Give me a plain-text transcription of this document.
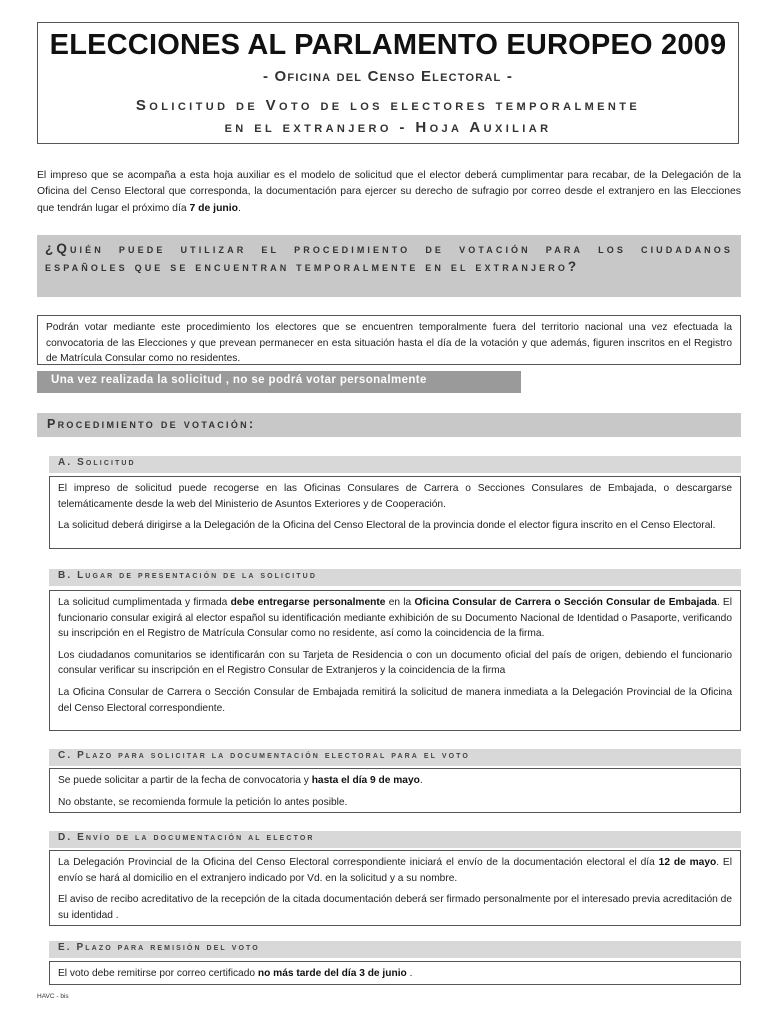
ELECCIONES AL PARLAMENTO EUROPEO 2009
- Oficina del Censo Electoral -
Solicitud de Voto de los electores temporalmente
en el extranjero - Hoja Auxiliar
El impreso que se acompaña a esta hoja auxiliar es el modelo de solicitud que el elector deberá cumplimentar para recabar, de la Delegación de la Oficina del Censo Electoral que corresponda, la documentación para ejercer su derecho de sufragio por correo desde el extranjero en las Elecciones que tendrán lugar el próximo día 7 de junio.
¿Quién puede utilizar el procedimiento de votación para los ciudadanos españoles que se encuentran temporalmente en el extranjero?

Podrán votar mediante este procedimiento los electores que se encuentren temporalmente fuera del territorio nacional una vez efectuada la convocatoria de las Elecciones y que prevean permanecer en esta situación hasta el día de la votación y que además, figuren inscritos en el Registro de Matrícula Consular como no residentes.

Una vez realizada la solicitud , no se podrá votar personalmente
Procedimiento de votación:
A. Solicitud

El impreso de solicitud puede recogerse en las Oficinas Consulares de Carrera o Secciones Consulares de Embajada, o descargarse telemáticamente desde la web del Ministerio de Asuntos Exteriores y de Cooperación.

La solicitud deberá dirigirse a la Delegación de la Oficina del Censo Electoral de la provincia donde el elector figura inscrito en el Censo Electoral.

B. Lugar de presentación de la solicitud

La solicitud cumplimentada y firmada debe entregarse personalmente en la Oficina Consular de Carrera o Sección Consular de Embajada. El funcionario consular exigirá al elector español su identificación mediante exhibición de su Documento Nacional de Identidad o Pasaporte, verificando su inscripción en el Registro de Matrícula Consular como no residente, así como la coincidencia de la firma.

Los ciudadanos comunitarios se identificarán con su Tarjeta de Residencia o con un documento oficial del país de origen, debiendo el funcionario consular verificar su inscripción en el Registro Consular de Extranjeros y la coincidencia de la firma

La Oficina Consular de Carrera o Sección Consular de Embajada remitirá la solicitud de manera inmediata a la Delegación Provincial de la Oficina del Censo Electoral correspondiente.

C. Plazo para solicitar la documentación electoral para el voto

Se puede solicitar a partir de la fecha de convocatoria y hasta el día 9 de mayo.

No obstante, se recomienda formule la petición lo antes posible.

D. Envío de la documentación al elector

La Delegación Provincial de la Oficina del Censo Electoral correspondiente iniciará el envío de la documentación electoral el día 12 de mayo. El envío se hará al domicilio en el extranjero indicado por Vd. en la solicitud y a su nombre.

El aviso de recibo acreditativo de la recepción de la citada documentación deberá ser firmado personalmente por el interesado previa acreditación de su identidad .

E. Plazo para remisión del voto

El voto debe remitirse por correo certificado no más tarde del día 3 de junio .

HAVC - bis
